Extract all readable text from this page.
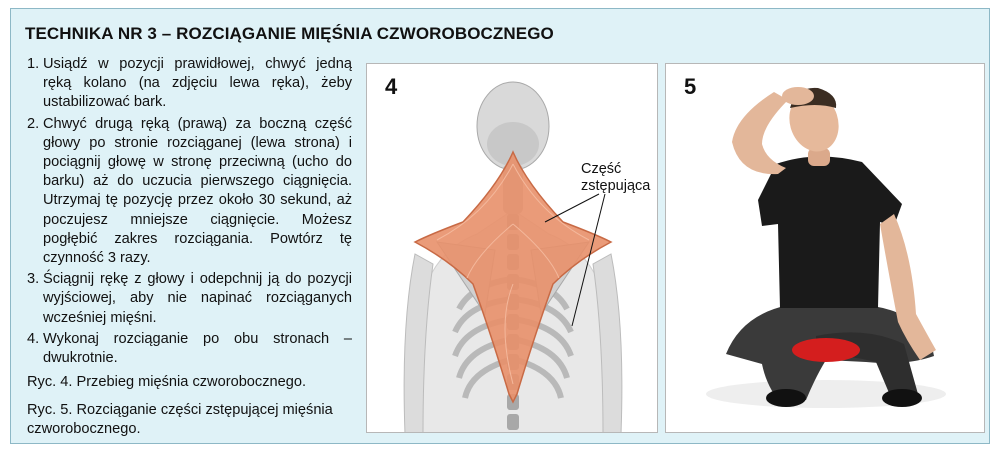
TECHNIKA NR 3 – ROZCIĄGANIE MIĘŚNIA CZWOROBOCZNEGO
1. Usiądź w pozycji prawidłowej, chwyć jedną ręką kolano (na zdjęciu lewa ręka), żeby ustabilizować bark.
2. Chwyć drugą ręką (prawą) za boczną część głowy po stronie rozciąganej (lewa strona) i pociągnij głowę w stronę przeciwną (ucho do barku) aż do uczucia pierwszego ciągnięcia. Utrzymaj tę pozycję przez około 30 sekund, aż poczujesz mniejsze ciągnięcie. Możesz pogłębić zakres rozciągania. Powtórz tę czynność 3 razy.
3. Ściągnij rękę z głowy i odepchnij ją do pozycji wyjściowej, aby nie napinać rozciąganych wcześniej mięśni.
4. Wykonaj rozciąganie po obu stronach – dwukrotnie.
Ryc. 4. Przebieg mięśnia czworobocznego.
Ryc. 5. Rozciąganie części zstępującej mięśnia czworobocznego.
4
Część
zstępująca
5
